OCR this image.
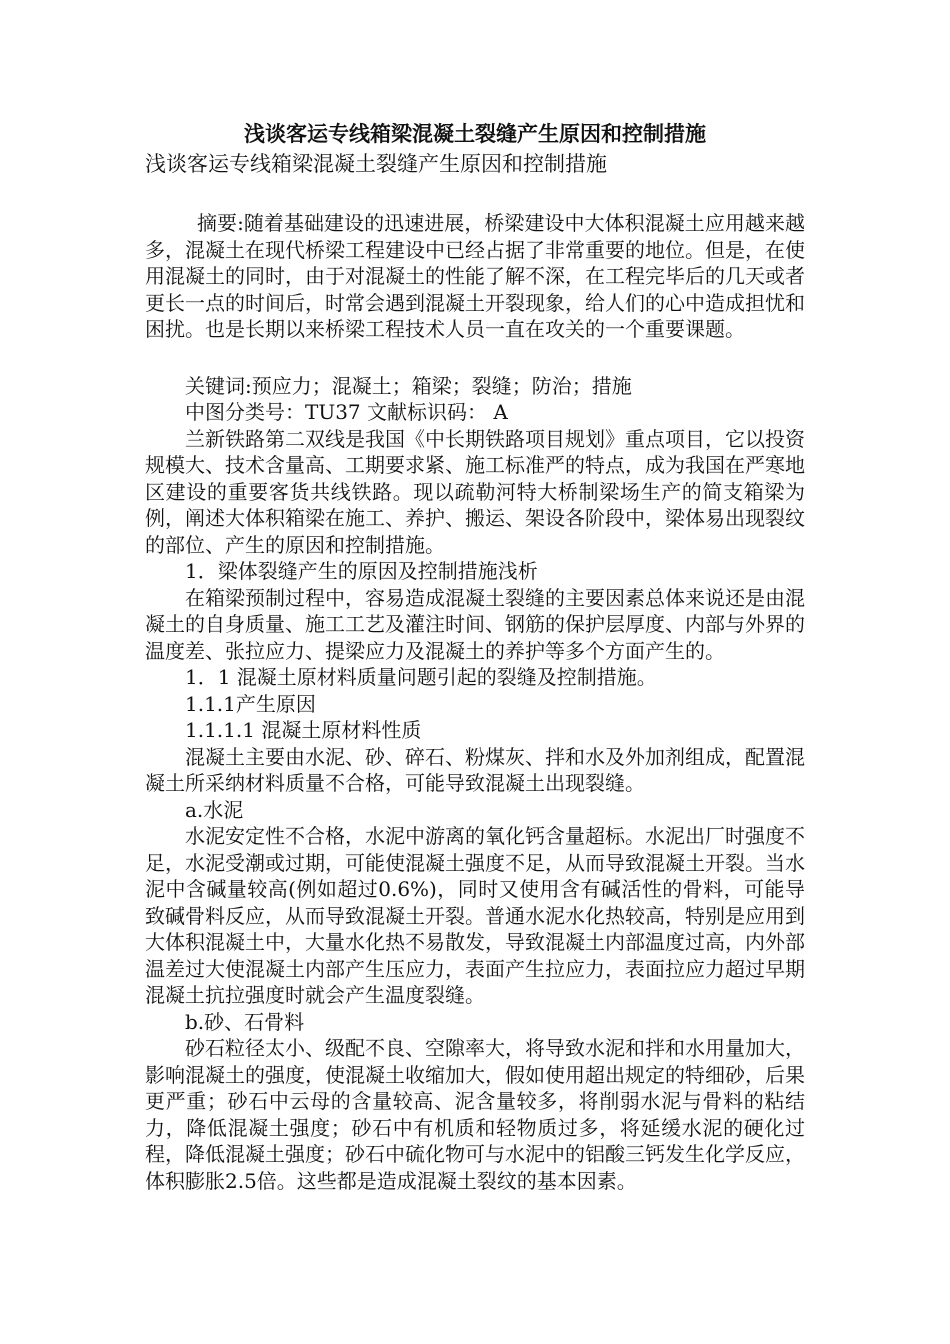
浅谈客运专线箱梁混凝土裂缝产生原因和控制措施

浅谈客运专线箱梁混凝土裂缝产生原因和控制措施

摘要:随着基础建设的迅速进展，桥梁建设中大体积混凝土应用越来越多，混凝土在现代桥梁工程建设中已经占据了非常重要的地位。但是，在使用混凝土的同时，由于对混凝土的性能了解不深，在工程完毕后的几天或者更长一点的时间后，时常会遇到混凝土开裂现象，给人们的心中造成担忧和困扰。也是长期以来桥梁工程技术人员一直在攻关的一个重要课题。

关键词:预应力；混凝土；箱梁；裂缝；防治；措施

中图分类号：TU37 文献标识码： A

兰新铁路第二双线是我国《中长期铁路项目规划》重点项目，它以投资规模大、技术含量高、工期要求紧、施工标准严的特点，成为我国在严寒地区建设的重要客货共线铁路。现以疏勒河特大桥制梁场生产的简支箱梁为例，阐述大体积箱梁在施工、养护、搬运、架设各阶段中，梁体易出现裂纹的部位、产生的原因和控制措施。

1．梁体裂缝产生的原因及控制措施浅析

在箱梁预制过程中，容易造成混凝土裂缝的主要因素总体来说还是由混凝土的自身质量、施工工艺及灌注时间、钢筋的保护层厚度、内部与外界的温度差、张拉应力、提梁应力及混凝土的养护等多个方面产生的。

1．1 混凝土原材料质量问题引起的裂缝及控制措施。

1.1.1产生原因

1.1.1.1 混凝土原材料性质

混凝土主要由水泥、砂、碎石、粉煤灰、拌和水及外加剂组成，配置混凝土所采纳材料质量不合格，可能导致混凝土出现裂缝。

a.水泥

水泥安定性不合格，水泥中游离的氧化钙含量超标。水泥出厂时强度不足，水泥受潮或过期，可能使混凝土强度不足，从而导致混凝土开裂。当水泥中含碱量较高(例如超过0.6%)，同时又使用含有碱活性的骨料，可能导致碱骨料反应，从而导致混凝土开裂。普通水泥水化热较高，特别是应用到大体积混凝土中，大量水化热不易散发，导致混凝土内部温度过高，内外部温差过大使混凝土内部产生压应力，表面产生拉应力，表面拉应力超过早期混凝土抗拉强度时就会产生温度裂缝。

b.砂、石骨料

砂石粒径太小、级配不良、空隙率大，将导致水泥和拌和水用量加大，影响混凝土的强度，使混凝土收缩加大，假如使用超出规定的特细砂，后果更严重；砂石中云母的含量较高、泥含量较多，将削弱水泥与骨料的粘结力，降低混凝土强度；砂石中有机质和轻物质过多，将延缓水泥的硬化过程，降低混凝土强度；砂石中硫化物可与水泥中的铝酸三钙发生化学反应，体积膨胀2.5倍。这些都是造成混凝土裂纹的基本因素。
